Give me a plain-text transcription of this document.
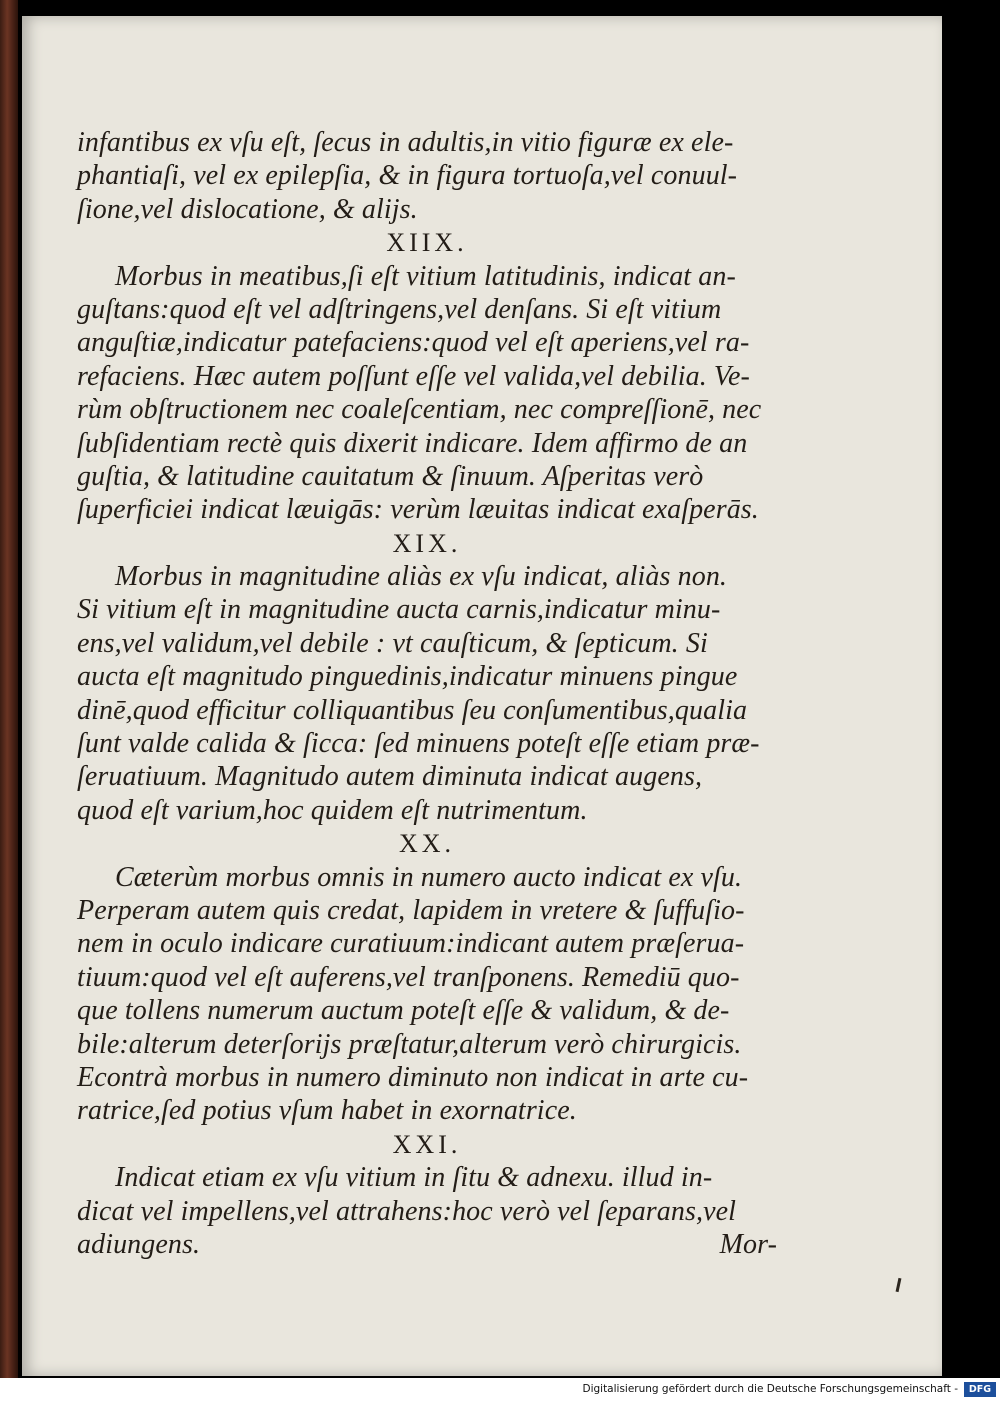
infantibus ex vſu eſt, ſecus in adultis,in vitio figuræ ex ele-
phantiaſi, vel ex epilepſia, & in figura tortuoſa,vel conuul-
ſione,vel dislocatione, & alijs.
XIIX.
Morbus in meatibus,ſi eſt vitium latitudinis, indicat an-
guſtans:quod eſt vel adſtringens,vel denſans. Si eſt vitium
anguſtiæ,indicatur patefaciens:quod vel eſt aperiens,vel ra-
refaciens. Hæc autem poſſunt eſſe vel valida,vel debilia. Ve-
rùm obſtructionem nec coaleſcentiam, nec compreſſionē, nec
ſubſidentiam rectè quis dixerit indicare. Idem affirmo de an
guſtia, & latitudine cauitatum & ſinuum. Aſperitas verò
ſuperficiei indicat læuigās: verùm læuitas indicat exaſperās.
XIX.
Morbus in magnitudine aliàs ex vſu indicat, aliàs non.
Si vitium eſt in magnitudine aucta carnis,indicatur minu-
ens,vel validum,vel debile : vt cauſticum, & ſepticum. Si
aucta eſt magnitudo pinguedinis,indicatur minuens pingue
dinē,quod efficitur colliquantibus ſeu conſumentibus,qualia
ſunt valde calida & ſicca: ſed minuens poteſt eſſe etiam præ-
ſeruatiuum. Magnitudo autem diminuta indicat augens,
quod eſt varium,hoc quidem eſt nutrimentum.
XX.
Cæterùm morbus omnis in numero aucto indicat ex vſu.
Perperam autem quis credat, lapidem in vretere & ſuffuſio-
nem in oculo indicare curatiuum:indicant autem præſerua-
tiuum:quod vel eſt auferens,vel tranſponens. Remediū quo-
que tollens numerum auctum poteſt eſſe & validum, & de-
bile:alterum deterſorijs præſtatur,alterum verò chirurgicis.
Econtrà morbus in numero diminuto non indicat in arte cu-
ratrice,ſed potius vſum habet in exornatrice.
XXI.
Indicat etiam ex vſu vitium in ſitu & adnexu. illud in-
dicat vel impellens,vel attrahens:hoc verò vel ſeparans,vel
adiungens.	Mor-
Digitalisierung gefördert durch die Deutsche Forschungsgemeinschaft -	DFG
